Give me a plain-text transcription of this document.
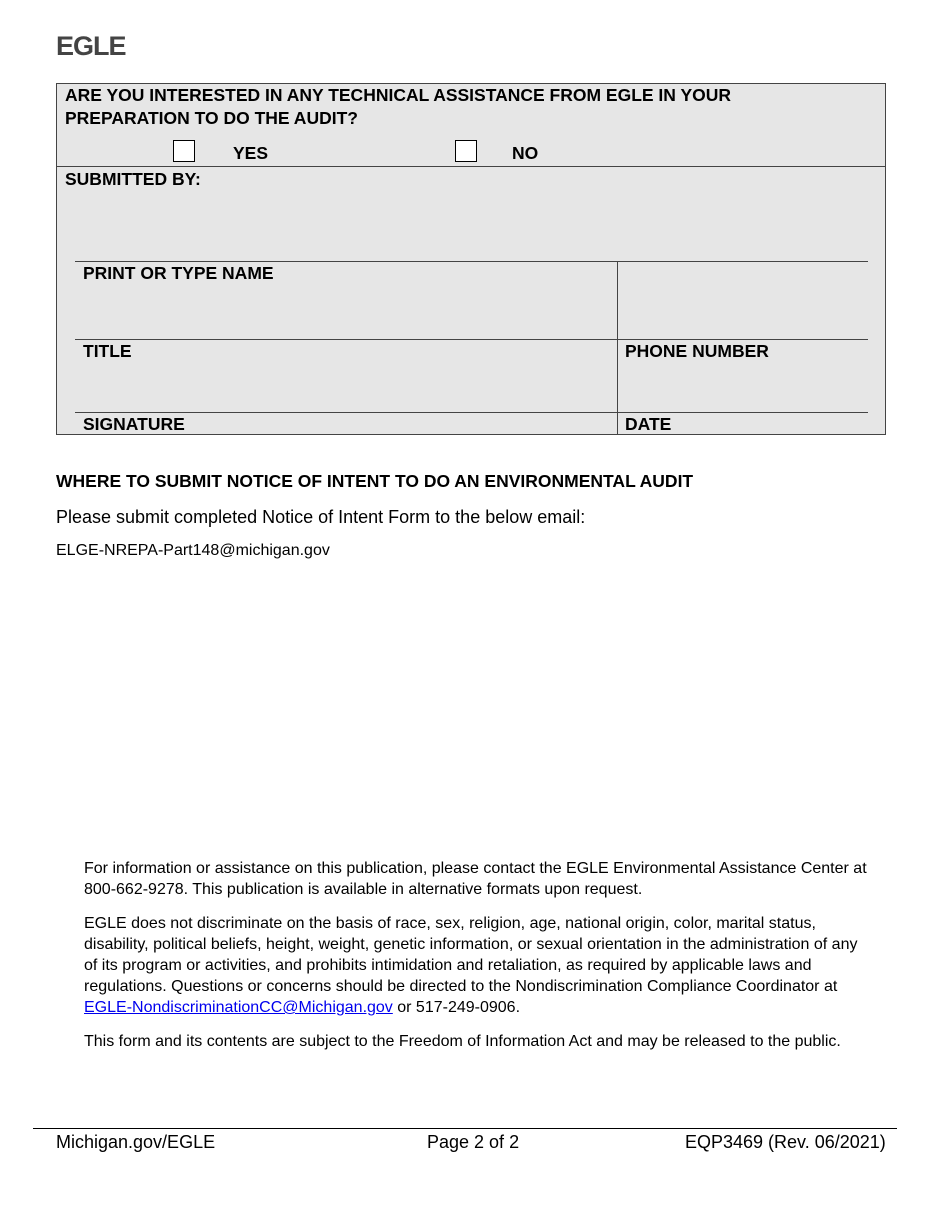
EGLE
ARE YOU INTERESTED IN ANY TECHNICAL ASSISTANCE FROM EGLE IN YOUR PREPARATION TO DO THE AUDIT?
YES	NO
SUBMITTED BY:
PRINT OR TYPE NAME
TITLE	PHONE NUMBER
SIGNATURE	DATE
WHERE TO SUBMIT NOTICE OF INTENT TO DO AN ENVIRONMENTAL AUDIT
Please submit completed Notice of Intent Form to the below email:
ELGE-NREPA-Part148@michigan.gov
For information or assistance on this publication, please contact the EGLE Environmental Assistance Center at 800-662-9278. This publication is available in alternative formats upon request.
EGLE does not discriminate on the basis of race, sex, religion, age, national origin, color, marital status, disability, political beliefs, height, weight, genetic information, or sexual orientation in the administration of any of its program or activities, and prohibits intimidation and retaliation, as required by applicable laws and regulations. Questions or concerns should be directed to the Nondiscrimination Compliance Coordinator at EGLE-NondiscriminationCC@Michigan.gov or 517-249-0906.
This form and its contents are subject to the Freedom of Information Act and may be released to the public.
Michigan.gov/EGLE	Page 2 of 2	EQP3469 (Rev. 06/2021)
